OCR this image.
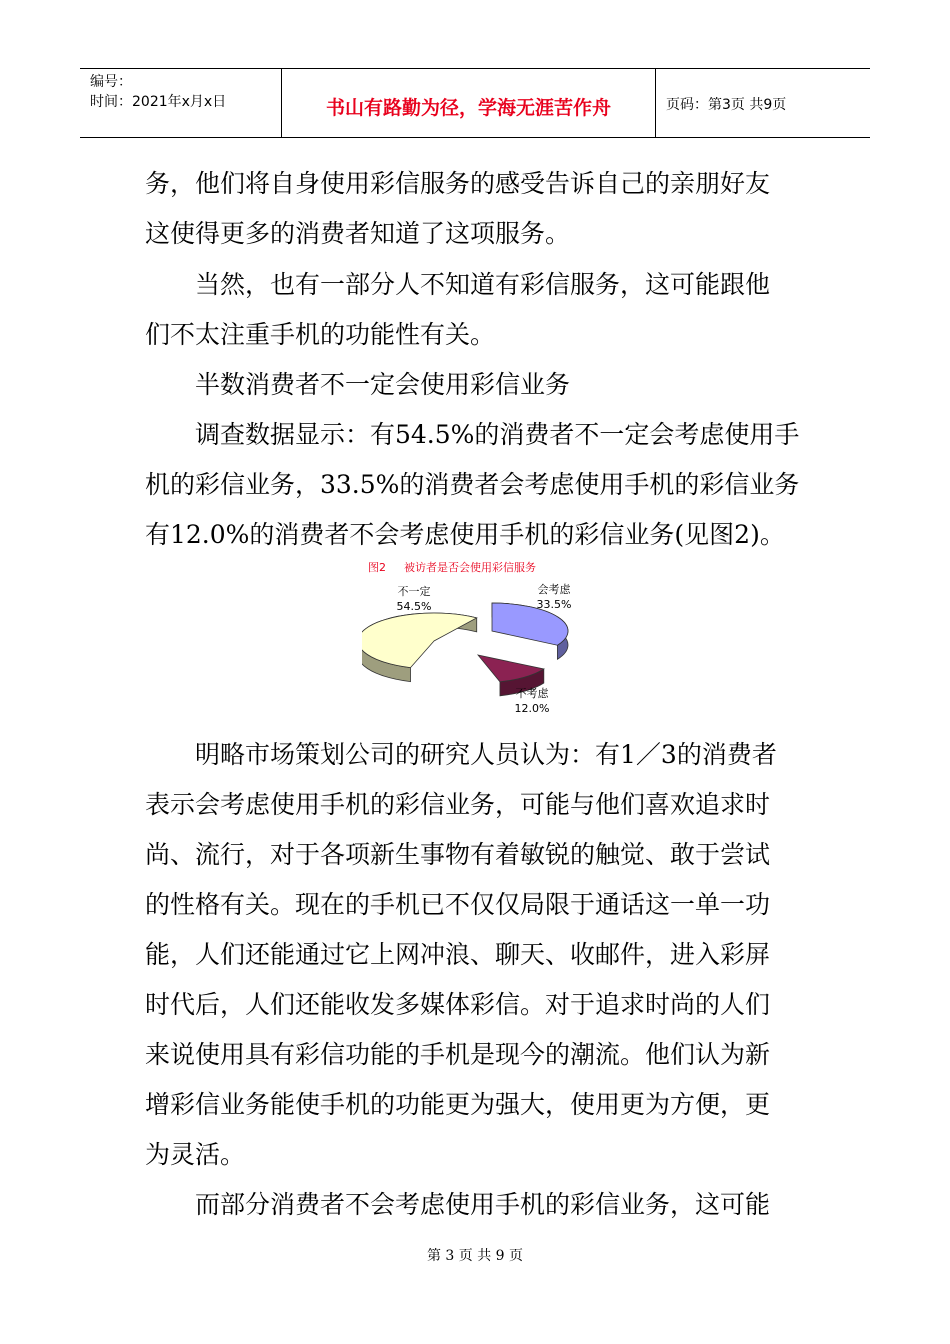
编号：
时间：2021年x月x日	书山有路勤为径，学海无涯苦作舟	页码：第3页 共9页

务，他们将自身使用彩信服务的感受告诉自己的亲朋好友

这使得更多的消费者知道了这项服务。

当然，也有一部分人不知道有彩信服务，这可能跟他

们不太注重手机的功能性有关。

半数消费者不一定会使用彩信业务

调查数据显示：有54.5%的消费者不一定会考虑使用手

机的彩信业务，33.5%的消费者会考虑使用手机的彩信业务

有12.0%的消费者不会考虑使用手机的彩信业务(见图2)。

图2 被访者是否会使用彩信服务
不一定
54.5%
会考虑
33.5%
不考虑
12.0%

明略市场策划公司的研究人员认为：有1／3的消费者

表示会考虑使用手机的彩信业务，可能与他们喜欢追求时

尚、流行，对于各项新生事物有着敏锐的触觉、敢于尝试

的性格有关。现在的手机已不仅仅局限于通话这一单一功

能，人们还能通过它上网冲浪、聊天、收邮件，进入彩屏

时代后，人们还能收发多媒体彩信。对于追求时尚的人们

来说使用具有彩信功能的手机是现今的潮流。他们认为新

增彩信业务能使手机的功能更为强大，使用更为方便，更

为灵活。

而部分消费者不会考虑使用手机的彩信业务，这可能

第 3 页 共 9 页
